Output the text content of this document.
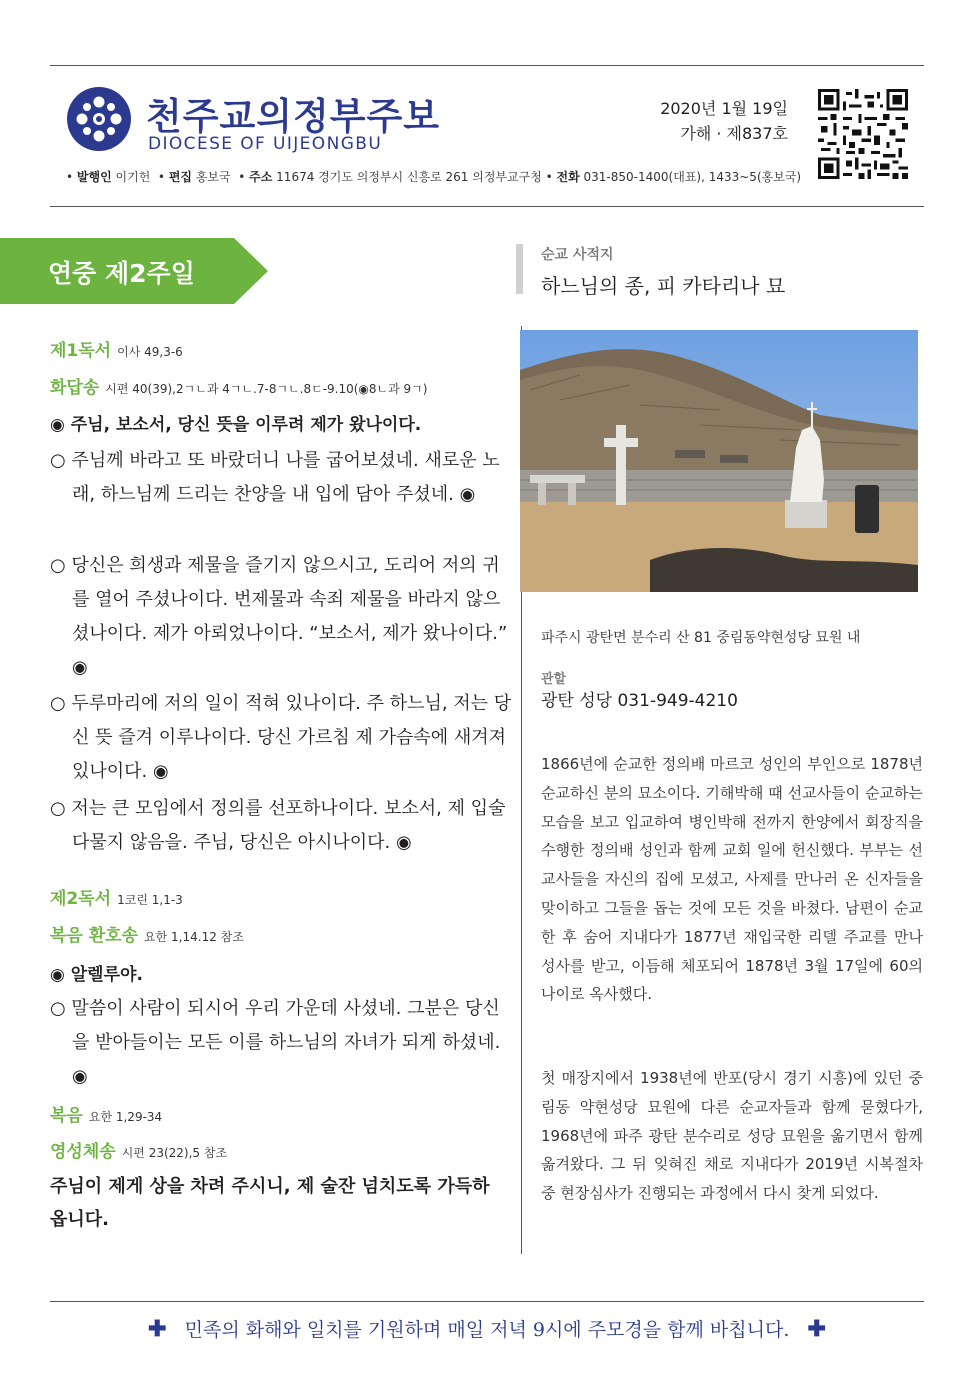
천주교의정부주보
DIOCESE OF UIJEONGBU
2020년 1월 19일
가해 · 제837호
• 발행인 이기헌  • 편집 홍보국  • 주소 11674 경기도 의정부시 신흥로 261 의정부교구청 • 전화 031-850-1400(대표), 1433~5(홍보국)
연중 제2주일
제1독서 이사 49,3-6
화답송 시편 40(39),2ㄱㄴ과 4ㄱㄴ.7-8ㄱㄴ.8ㄷ-9.10(◉8ㄴ과 9ㄱ)
◉ 주님, 보소서, 당신 뜻을 이루려 제가 왔나이다.
○ 주님께 바라고 또 바랐더니 나를 굽어보셨네. 새로운 노래, 하느님께 드리는 찬양을 내 입에 담아 주셨네. ◉
○ 당신은 희생과 제물을 즐기지 않으시고, 도리어 저의 귀를 열어 주셨나이다. 번제물과 속죄 제물을 바라지 않으셨나이다. 제가 아뢰었나이다. “보소서, 제가 왔나이다.” ◉
○ 두루마리에 저의 일이 적혀 있나이다. 주 하느님, 저는 당신 뜻 즐겨 이루나이다. 당신 가르침 제 가슴속에 새겨져 있나이다. ◉
○ 저는 큰 모임에서 정의를 선포하나이다. 보소서, 제 입술 다물지 않음을. 주님, 당신은 아시나이다. ◉
제2독서 1코린 1,1-3
복음 환호송 요한 1,14.12 참조
◉ 알렐루야.
○ 말씀이 사람이 되시어 우리 가운데 사셨네. 그분은 당신을 받아들이는 모든 이를 하느님의 자녀가 되게 하셨네. ◉
복음 요한 1,29-34
영성체송 시편 23(22),5 참조
주님이 제게 상을 차려 주시니, 제 술잔 넘치도록 가득하옵니다.
순교 사적지
하느님의 종, 피 카타리나 묘
파주시 광탄면 분수리 산 81 중림동약현성당 묘원 내
관할
광탄 성당 031-949-4210
1866년에 순교한 정의배 마르코 성인의 부인으로 1878년 순교하신 분의 묘소이다. 기해박해 때 선교사들이 순교하는 모습을 보고 입교하여 병인박해 전까지 한양에서 회장직을 수행한 정의배 성인과 함께 교회 일에 헌신했다. 부부는 선교사들을 자신의 집에 모셨고, 사제를 만나러 온 신자들을 맞이하고 그들을 돕는 것에 모든 것을 바쳤다. 남편이 순교한 후 숨어 지내다가 1877년 재입국한 리델 주교를 만나 성사를 받고, 이듬해 체포되어 1878년 3월 17일에 60의 나이로 옥사했다.
첫 매장지에서 1938년에 반포(당시 경기 시흥)에 있던 중림동 약현성당 묘원에 다른 순교자들과 함께 묻혔다가, 1968년에 파주 광탄 분수리로 성당 묘원을 옮기면서 함께 옮겨왔다. 그 뒤 잊혀진 채로 지내다가 2019년 시복절차 중 현장심사가 진행되는 과정에서 다시 찾게 되었다.
✚ 민족의 화해와 일치를 기원하며 매일 저녁 9시에 주모경을 함께 바칩니다. ✚
